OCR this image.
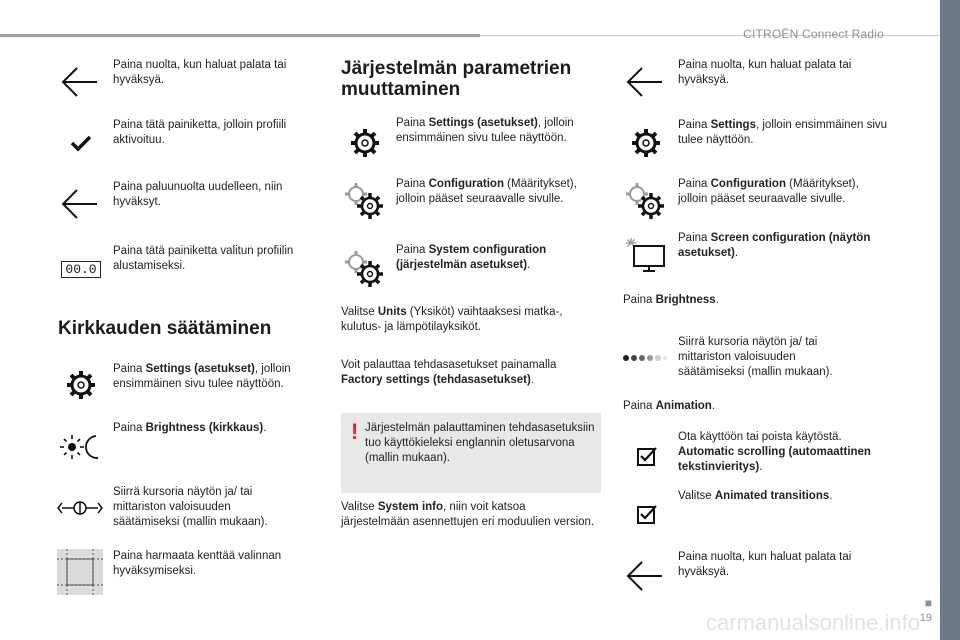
CITROËN Connect Radio
■
19
Paina nuolta, kun haluat palata tai hyväksyä.
Paina tätä painiketta, jolloin profiili aktivoituu.
Paina paluunuolta uudelleen, niin hyväksyt.
00.0
Paina tätä painiketta valitun profiilin alustamiseksi.
Kirkkauden säätäminen
Paina Settings (asetukset), jolloin ensimmäinen sivu tulee näyttöön.
Paina Brightness (kirkkaus).
Siirrä kursoria näytön ja/ tai mittariston valoisuuden säätämiseksi (mallin mukaan).
Paina harmaata kenttää valinnan hyväksymiseksi.
Järjestelmän parametrien
muuttaminen
Paina Settings (asetukset), jolloin ensimmäinen sivu tulee näyttöön.
Paina Configuration (Määritykset), jolloin pääset seuraavalle sivulle.
Paina System configuration (järjestelmän asetukset).
Valitse Units (Yksiköt) vaihtaaksesi matka-, kulutus- ja lämpötilayksiköt.
Voit palauttaa tehdasasetukset painamalla Factory settings (tehdasasetukset).
! Järjestelmän palauttaminen tehdasasetuksiin tuo käyttökieleksi englannin oletusarvona (mallin mukaan).
Valitse System info, niin voit katsoa järjestelmään asennettujen eri moduulien version.
Paina nuolta, kun haluat palata tai hyväksyä.
Paina Settings, jolloin ensimmäinen sivu tulee näyttöön.
Paina Configuration (Määritykset), jolloin pääset seuraavalle sivulle.
Paina Screen configuration (näytön asetukset).
Paina Brightness.
Siirrä kursoria näytön ja/ tai mittariston valoisuuden säätämiseksi (mallin mukaan).
Paina Animation.
Ota käyttöön tai poista käytöstä. Automatic scrolling (automaattinen tekstinvieritys).
Valitse Animated transitions.
Paina nuolta, kun haluat palata tai hyväksyä.
carmanualsonline.info
